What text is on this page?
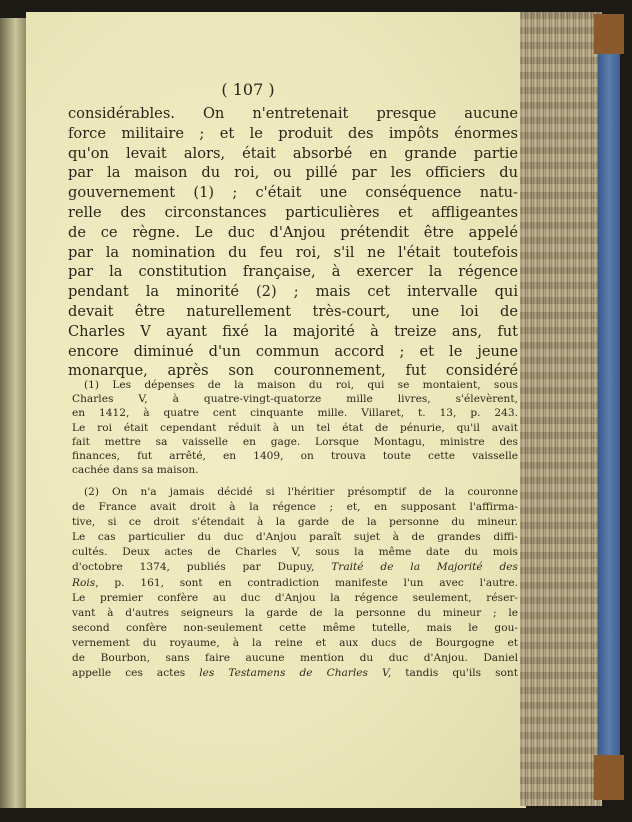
( 107 )
considérables. On n'entretenait presque aucune
force militaire ; et le produit des impôts énormes
qu'on levait alors, était absorbé en grande partie
par la maison du roi, ou pillé par les officiers du
gouvernement (1) ; c'était une conséquence natu-
relle des circonstances particulières et affligeantes
de ce règne. Le duc d'Anjou prétendit être appelé
par la nomination du feu roi, s'il ne l'était toutefois
par la constitution française, à exercer la régence
pendant la minorité (2) ; mais cet intervalle qui
devait être naturellement très-court, une loi de
Charles V ayant fixé la majorité à treize ans, fut
encore diminué d'un commun accord ; et le jeune
monarque, après son couronnement, fut considéré
(1) Les dépenses de la maison du roi, qui se montaient, sous
Charles V, à quatre-vingt-quatorze mille livres, s'élevèrent,
en 1412, à quatre cent cinquante mille. Villaret, t. 13, p. 243.
Le roi était cependant réduit à un tel état de pénurie, qu'il avait
fait mettre sa vaisselle en gage. Lorsque Montagu, ministre des
finances, fut arrêté, en 1409, on trouva toute cette vaisselle
cachée dans sa maison.
(2) On n'a jamais décidé si l'héritier présomptif de la couronne
de France avait droit à la régence ; et, en supposant l'affirma-
tive, si ce droit s'étendait à la garde de la personne du mineur.
Le cas particulier du duc d'Anjou paraît sujet à de grandes diffi-
cultés. Deux actes de Charles V, sous la même date du mois
d'octobre 1374, publiés par Dupuy, Traité de la Majorité des
Rois, p. 161, sont en contradiction manifeste l'un avec l'autre.
Le premier confère au duc d'Anjou la régence seulement, réser-
vant à d'autres seigneurs la garde de la personne du mineur ; le
second confère non-seulement cette même tutelle, mais le gou-
vernement du royaume, à la reine et aux ducs de Bourgogne et
de Bourbon, sans faire aucune mention du duc d'Anjou. Daniel
appelle ces actes les Testamens de Charles V, tandis qu'ils sont
